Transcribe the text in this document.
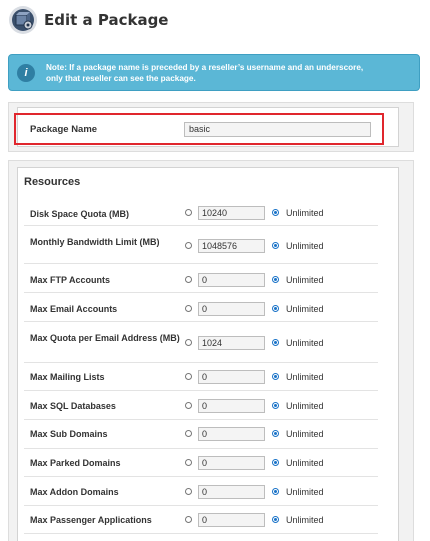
Edit a Package
i	Note: If a package name is preceded by a reseller’s username and an underscore,
only that reseller can see the package.
Package Name	basic
Resources
Disk Space Quota (MB)	10240	Unlimited
Monthly Bandwidth Limit (MB)	1048576	Unlimited
Max FTP Accounts	0	Unlimited
Max Email Accounts	0	Unlimited
Max Quota per Email Address (MB)	1024	Unlimited
Max Mailing Lists	0	Unlimited
Max SQL Databases	0	Unlimited
Max Sub Domains	0	Unlimited
Max Parked Domains	0	Unlimited
Max Addon Domains	0	Unlimited
Max Passenger Applications	0	Unlimited
